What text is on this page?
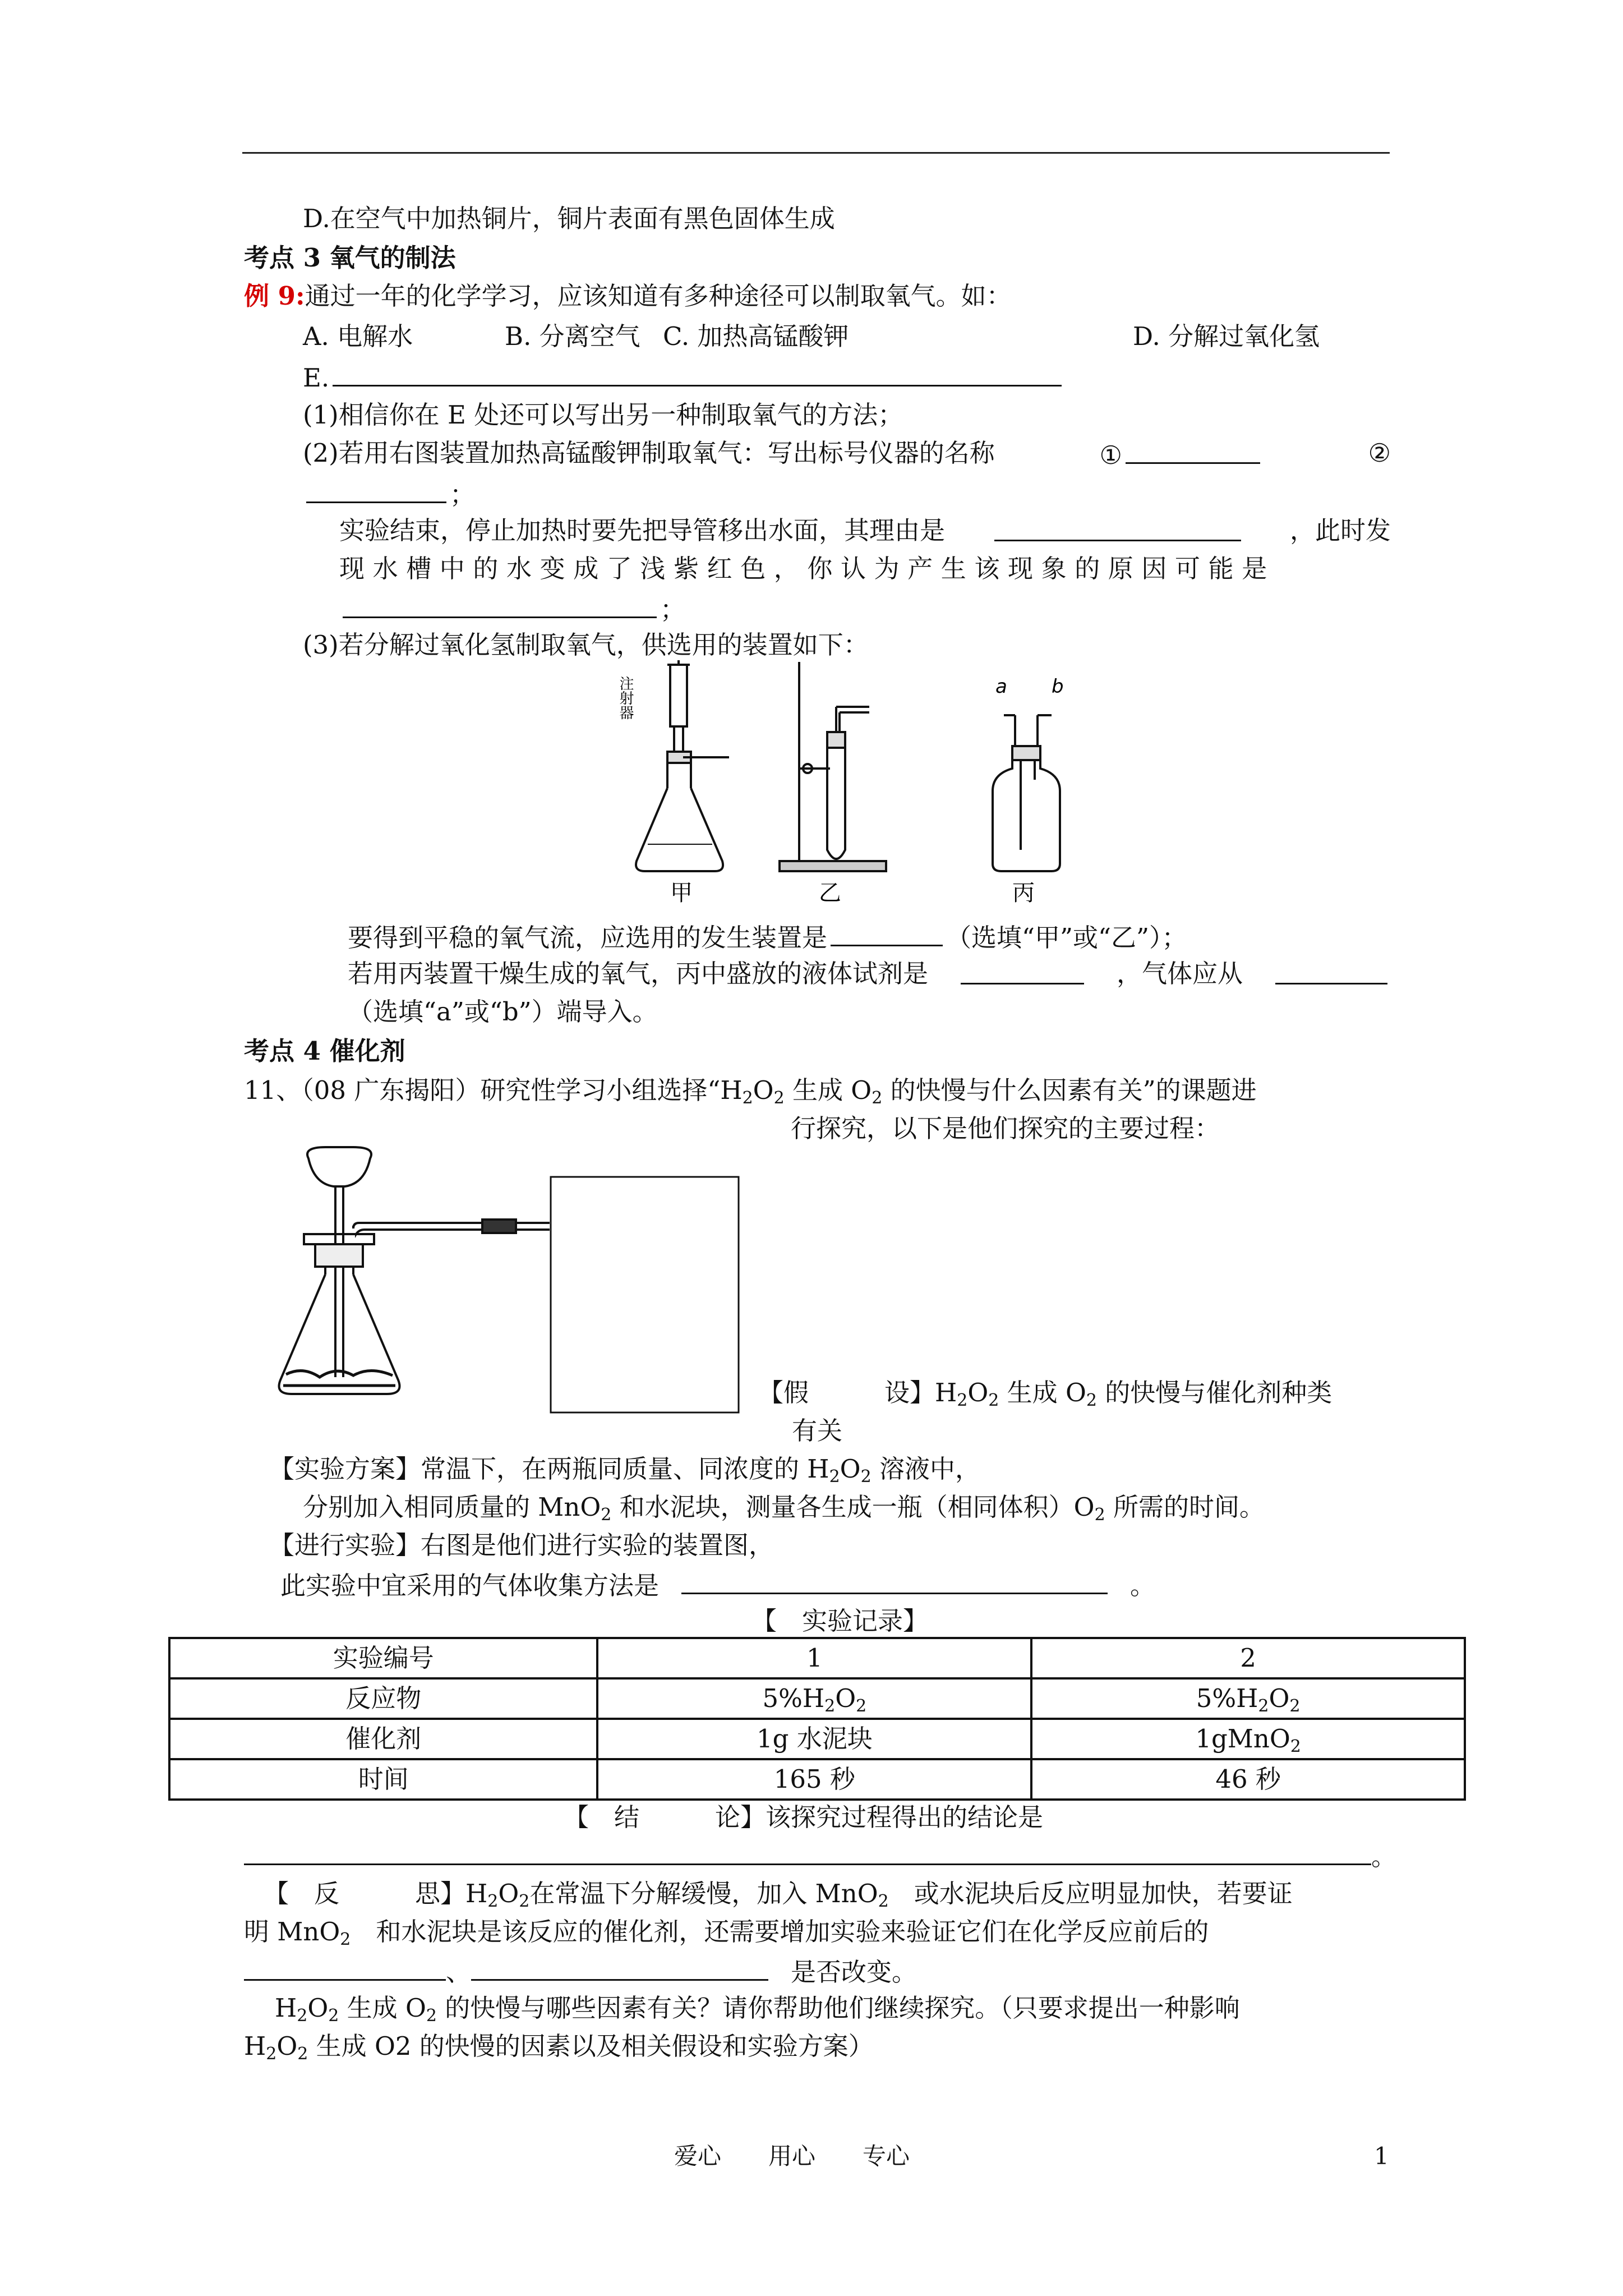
D.在空气中加热铜片，铜片表面有黑色固体生成
考点 3 氧气的制法
例 9:通过一年的化学学习，应该知道有多种途径可以制取氧气。如：
A. 电解水	B. 分离空气 C. 加热高锰酸钾	D. 分解过氧化氢
E.
(1)相信你在 E 处还可以写出另一种制取氧气的方法；
(2)若用右图装置加热高锰酸钾制取氧气：写出标号仪器的名称	①	②
；
实验结束，停止加热时要先把导管移出水面，其理由是	，此时发
现水槽中的水变成了浅紫红色，你认为产生该现象的原因可能是
；
(3)若分解过氧化氢制取氧气，供选用的装置如下：
注射器
甲	乙	丙
a b
要得到平稳的氧气流，应选用的发生装置是	（选填“甲”或“乙”）；
若用丙装置干燥生成的氧气，丙中盛放的液体试剂是	，气体应从
（选填“a”或“b”）端导入。
考点 4 催化剂
11、（08 广东揭阳）研究性学习小组选择“$H_2O_2$ 生成 $O_2$ 的快慢与什么因素有关”的课题进
行探究，以下是他们探究的主要过程：
【假　　　设】$H_2O_2$ 生成 $O_2$ 的快慢与催化剂种类
有关
【实验方案】常温下，在两瓶同质量、同浓度的 $H_2O_2$ 溶液中，
分别加入相同质量的 MnO$_2$ 和水泥块，测量各生成一瓶（相同体积）$O_2$ 所需的时间。
【进行实验】右图是他们进行实验的装置图，
此实验中宜采用的气体收集方法是	。
【　实验记录】
实验编号	1	2
反应物	$5\%H_2O_2$	$5\%H_2O_2$
催化剂	1g 水泥块	1gMnO$_2$
时间	165 秒	46 秒
【　结　　　论】该探究过程得出的结论是
。
【　反　　　思】$H_2O_2$在常温下分解缓慢，加入 MnO$_2$　或水泥块后反应明显加快，若要证
明 MnO$_2$　 和水泥块是该反应的催化剂，还需要增加实验来验证它们在化学反应前后的
、	是否改变。
$H_2O_2$ 生成 $O_2$ 的快慢与哪些因素有关？请你帮助他们继续探究。（只要求提出一种影响
$H_2O_2$ 生成 O2 的快慢的因素以及相关假设和实验方案）
爱心　　用心　　专心	1
